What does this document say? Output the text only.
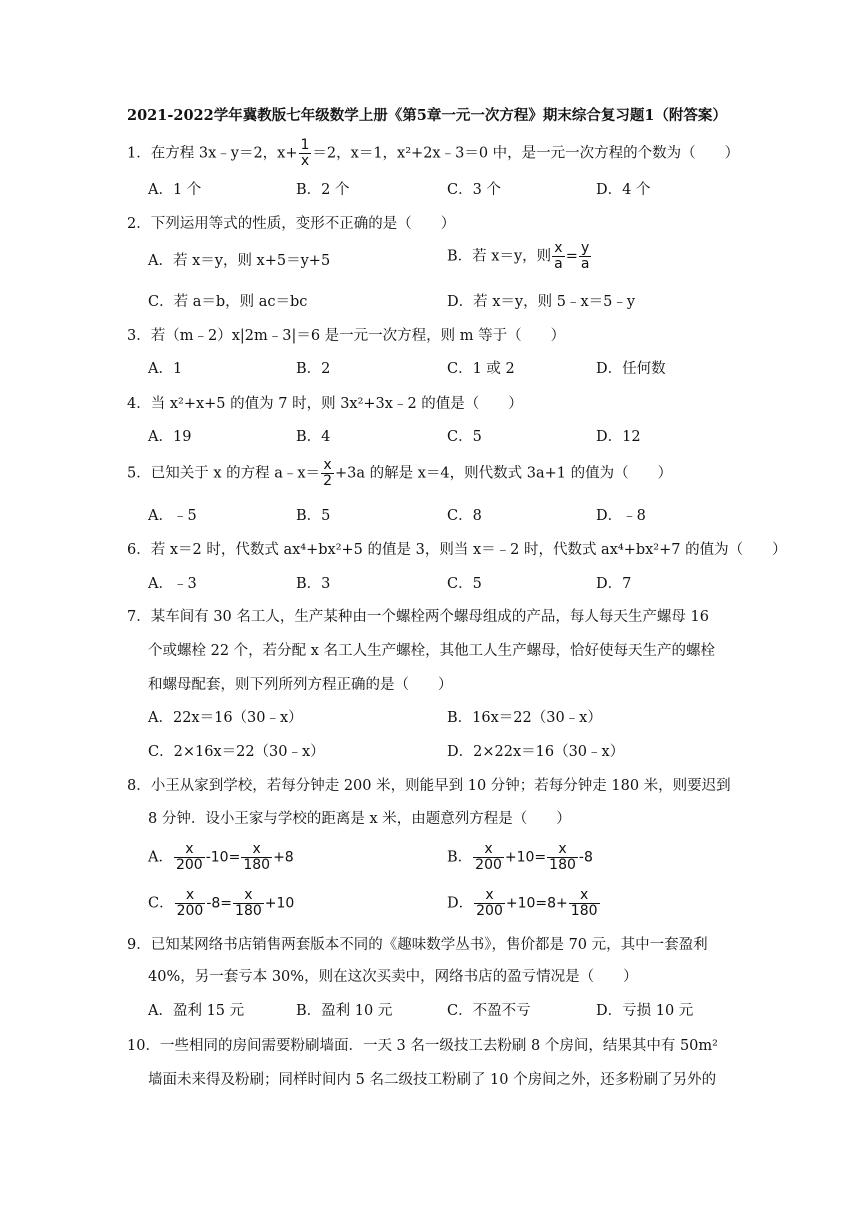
2021-2022学年冀教版七年级数学上册《第5章一元一次方程》期末综合复习题1（附答案）
1．在方程 3x﹣y＝2，$x+ \frac{1}{x} =2$，x＝1，x²+2x﹣3＝0 中，是一元一次方程的个数为（　　）
A．1 个	B．2 个	C．3 个	D．4 个
2．下列运用等式的性质，变形不正确的是（　　）
A．若 x＝y，则 x+5＝y+5	B．若 x＝y，则 $\frac{x}{a} = \frac{y}{a}$
C．若 a＝b，则 ac＝bc	D．若 x＝y，则 5﹣x＝5﹣y
3．若（m﹣2）x|2m﹣3|＝6 是一元一次方程，则 m 等于（　　）
A．1	B．2	C．1 或 2	D．任何数
4．当 x²+x+5 的值为 7 时，则 3x²+3x﹣2 的值是（　　）
A．19	B．4	C．5	D．12
5．已知关于 x 的方程 a﹣x＝ $\frac{x}{2} +3a$ 的解是 x＝4，则代数式 3a+1 的值为（　　）
A．﹣5	B．5	C．8	D．﹣8
6．若 x＝2 时，代数式 ax⁴+bx²+5 的值是 3，则当 x＝﹣2 时，代数式 ax⁴+bx²+7 的值为（　　）
A．﹣3	B．3	C．5	D．7
7．某车间有 30 名工人，生产某种由一个螺栓两个螺母组成的产品，每人每天生产螺母 16
个或螺栓 22 个，若分配 x 名工人生产螺栓，其他工人生产螺母，恰好使每天生产的螺栓
和螺母配套，则下列所列方程正确的是（　　）
A．22x＝16（30﹣x）	B．16x＝22（30﹣x）
C．2×16x＝22（30﹣x）	D．2×22x＝16（30﹣x）
8．小王从家到学校，若每分钟走 200 米，则能早到 10 分钟；若每分钟走 180 米，则要迟到
8 分钟．设小王家与学校的距离是 x 米，由题意列方程是（　　）
A． $\frac{x}{200} -10= \frac{x}{180} +8$	B． $\frac{x}{200} +10= \frac{x}{180} -8$
C． $\frac{x}{200} -8= \frac{x}{180} +10$	D． $\frac{x}{200} +10=8+ \frac{x}{180}$
9．已知某网络书店销售两套版本不同的《趣味数学丛书》，售价都是 70 元，其中一套盈利
40%，另一套亏本 30%，则在这次买卖中，网络书店的盈亏情况是（　　）
A．盈利 15 元	B．盈利 10 元	C．不盈不亏	D．亏损 10 元
10．一些相同的房间需要粉刷墙面．一天 3 名一级技工去粉刷 8 个房间，结果其中有 50m²
墙面未来得及粉刷；同样时间内 5 名二级技工粉刷了 10 个房间之外，还多粉刷了另外的
